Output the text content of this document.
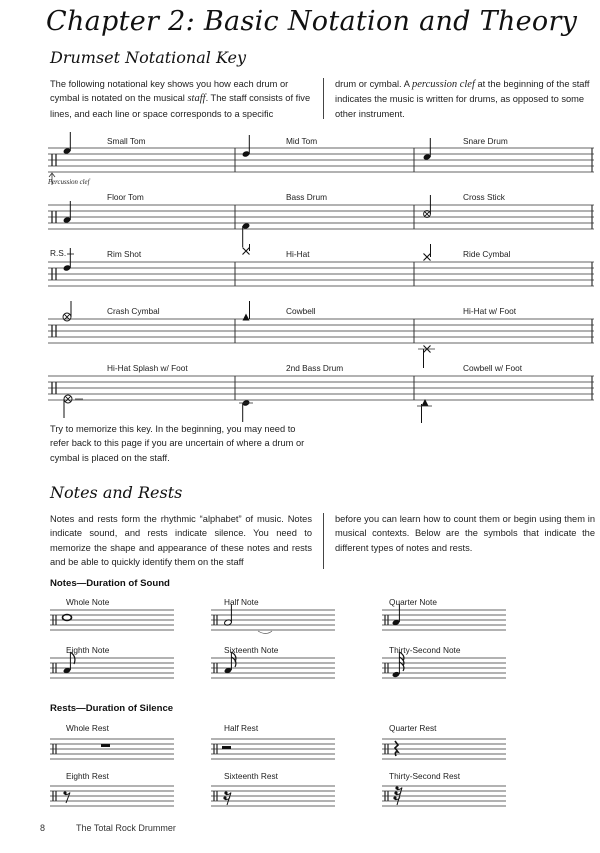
Chapter 2: Basic Notation and Theory
Drumset Notational Key
The following notational key shows you how each drum or cymbal is notated on the musical staff. The staff consists of five lines, and each line or space corresponds to a specific
drum or cymbal. A percussion clef at the beginning of the staff indicates the music is written for drums, as opposed to some other instrument.
Small Tom	Mid Tom	Snare Drum
Percussion clef
Floor Tom	Bass Drum	Cross Stick
R.S.	Rim Shot	Hi-Hat	Ride Cymbal
Crash Cymbal	Cowbell	Hi-Hat w/ Foot
Hi-Hat Splash w/ Foot	2nd Bass Drum	Cowbell w/ Foot
Try to memorize this key. In the beginning, you may need to refer back to this page if you are uncertain of where a drum or cymbal is placed on the staff.
Notes and Rests
Notes and rests form the rhythmic “alphabet” of music. Notes indicate sound, and rests indicate silence. You need to memorize the shape and appearance of these notes and rests and be able to quickly identify them on the staff
before you can learn how to count them or begin using them in musical contexts. Below are the symbols that indicate the different types of notes and rests.
Notes—Duration of Sound
Whole Note	Half Note	Quarter Note
Eighth Note	Sixteenth Note	Thirty-Second Note
Rests—Duration of Silence
Whole Rest	Half Rest	Quarter Rest
Eighth Rest	Sixteenth Rest	Thirty-Second Rest
8	The Total Rock Drummer
